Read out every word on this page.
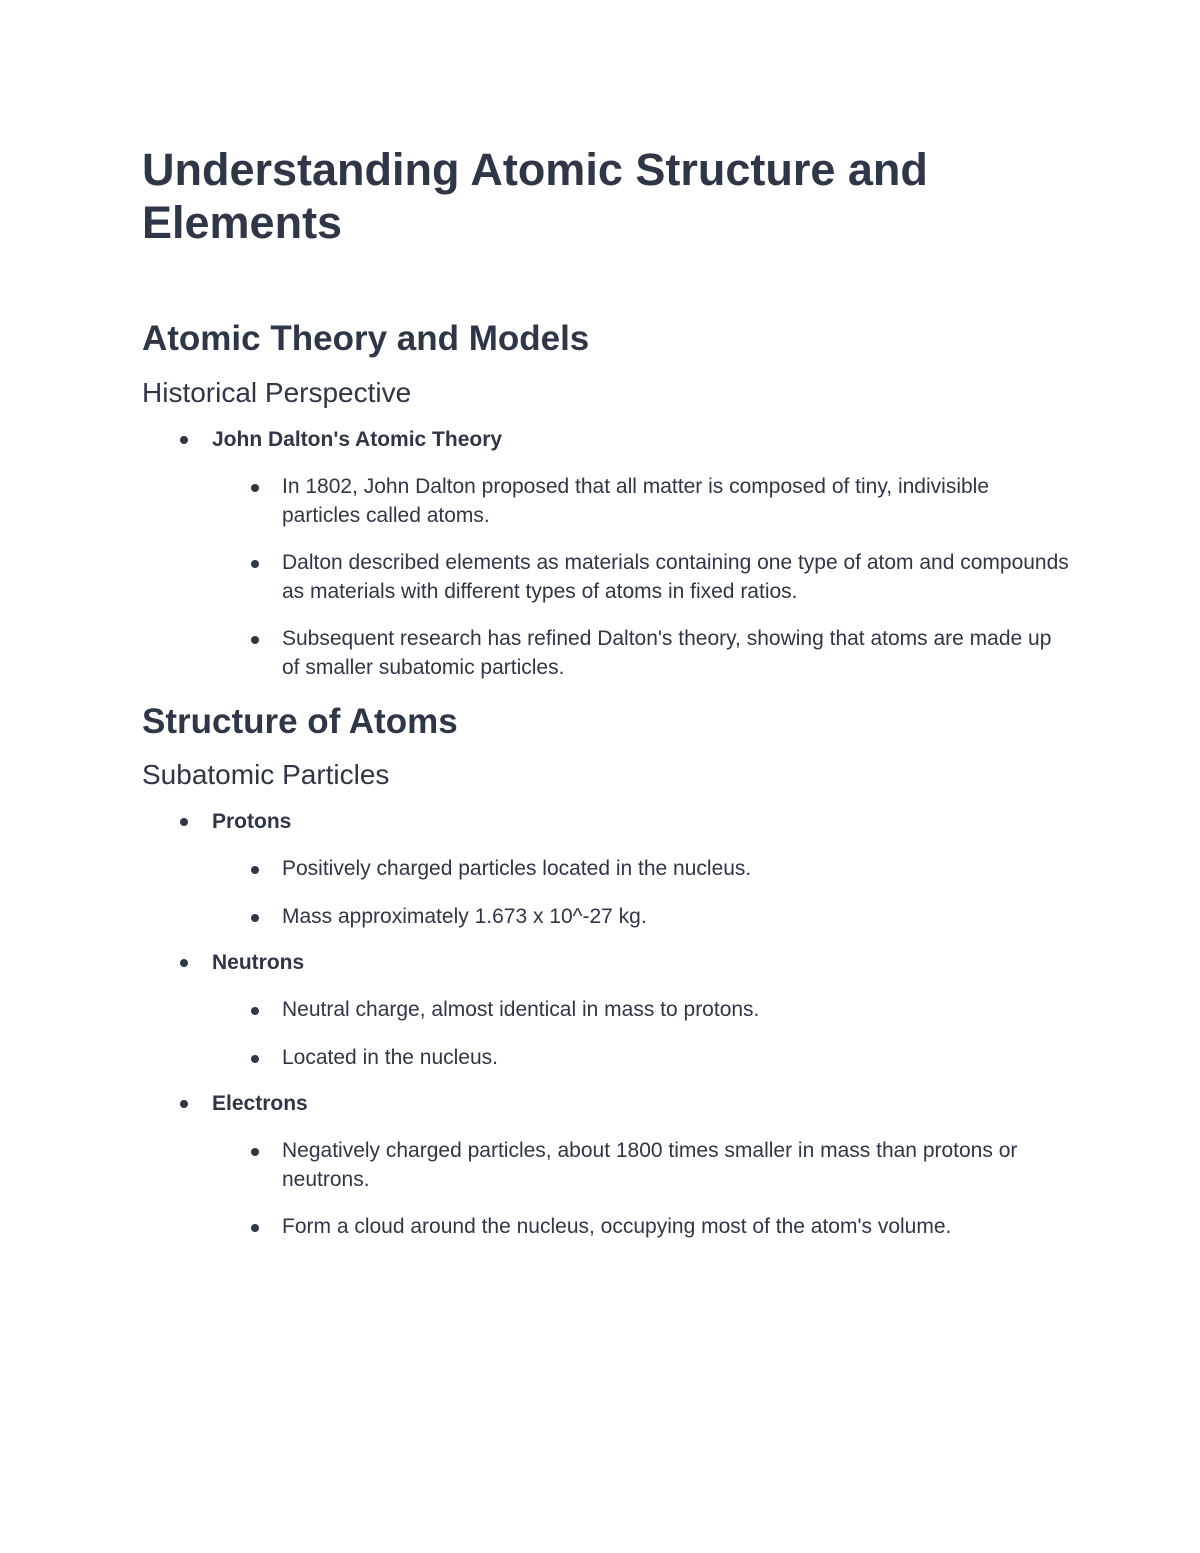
Understanding Atomic Structure and Elements
Atomic Theory and Models
Historical Perspective
John Dalton's Atomic Theory
In 1802, John Dalton proposed that all matter is composed of tiny, indivisible particles called atoms.
Dalton described elements as materials containing one type of atom and compounds as materials with different types of atoms in fixed ratios.
Subsequent research has refined Dalton's theory, showing that atoms are made up of smaller subatomic particles.
Structure of Atoms
Subatomic Particles
Protons
Positively charged particles located in the nucleus.
Mass approximately 1.673 x 10^-27 kg.
Neutrons
Neutral charge, almost identical in mass to protons.
Located in the nucleus.
Electrons
Negatively charged particles, about 1800 times smaller in mass than protons or neutrons.
Form a cloud around the nucleus, occupying most of the atom's volume.
